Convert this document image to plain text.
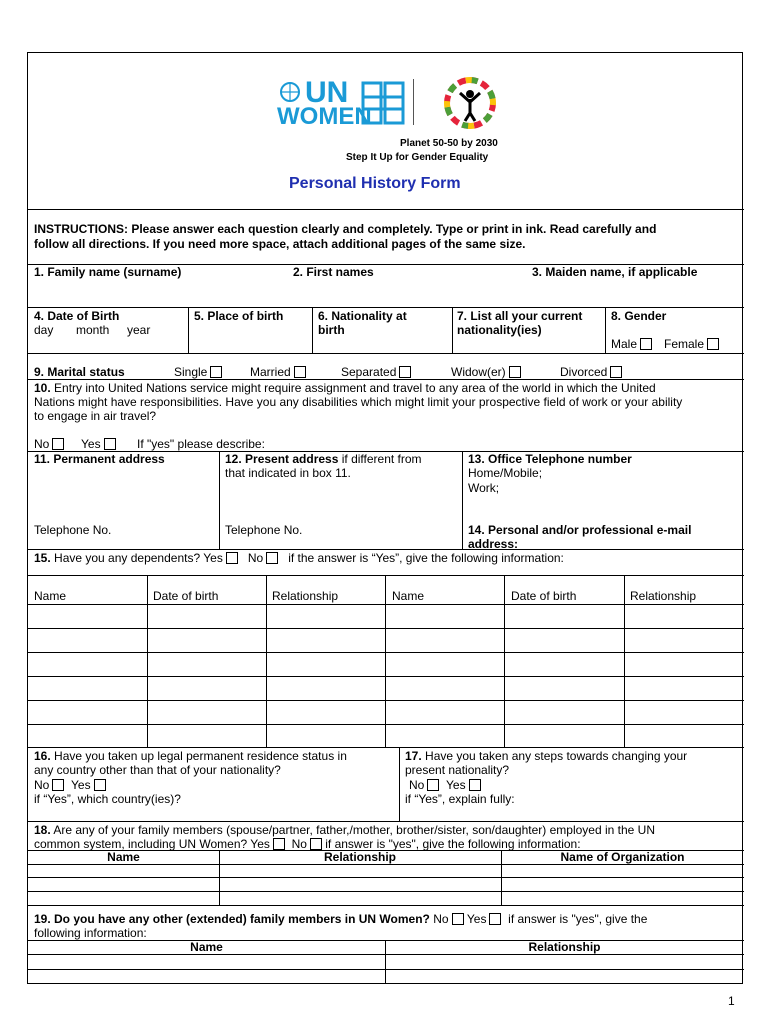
UN
WOMEN
Planet 50-50 by 2030
Step It Up for Gender Equality
Personal History Form
INSTRUCTIONS: Please answer each question clearly and completely. Type or print in ink. Read carefully and
follow all directions. If you need more space, attach additional pages of the same size.
1. Family name (surname)	2. First names	3. Maiden name, if applicable
4. Date of Birth
day month year
5. Place of birth	6. Nationality at
birth
7. List all your current
nationality(ies)
8. Gender
Male	Female
9. Marital status	Single	Married	Separated	Widow(er)	Divorced
10. Entry into United Nations service might require assignment and travel to any area of the world in which the United
Nations might have responsibilities. Have you any disabilities which might limit your prospective field of work or your ability
to engage in air travel?
No	Yes	If "yes" please describe:
11. Permanent address
Telephone No.
12. Present address if different from
that indicated in box 11.
Telephone No.
13. Office Telephone number
Home/Mobile;
Work;
14. Personal and/or professional e-mail
address:
15. Have you any dependents? Yes No if the answer is “Yes”, give the following information:
Name	Date of birth	Relationship	Name	Date of birth	Relationship
16. Have you taken up legal permanent residence status in
any country other than that of your nationality?
No Yes
if “Yes”, which country(ies)?
17. Have you taken any steps towards changing your
present nationality?
No Yes
if “Yes”, explain fully:
18. Are any of your family members (spouse/partner, father,/mother, brother/sister, son/daughter) employed in the UN
common system, including UN Women? Yes No if answer is "yes", give the following information:
Name	Relationship	Name of Organization
19. Do you have any other (extended) family members in UN Women? No Yes if answer is "yes", give the
following information:
Name	Relationship
1
